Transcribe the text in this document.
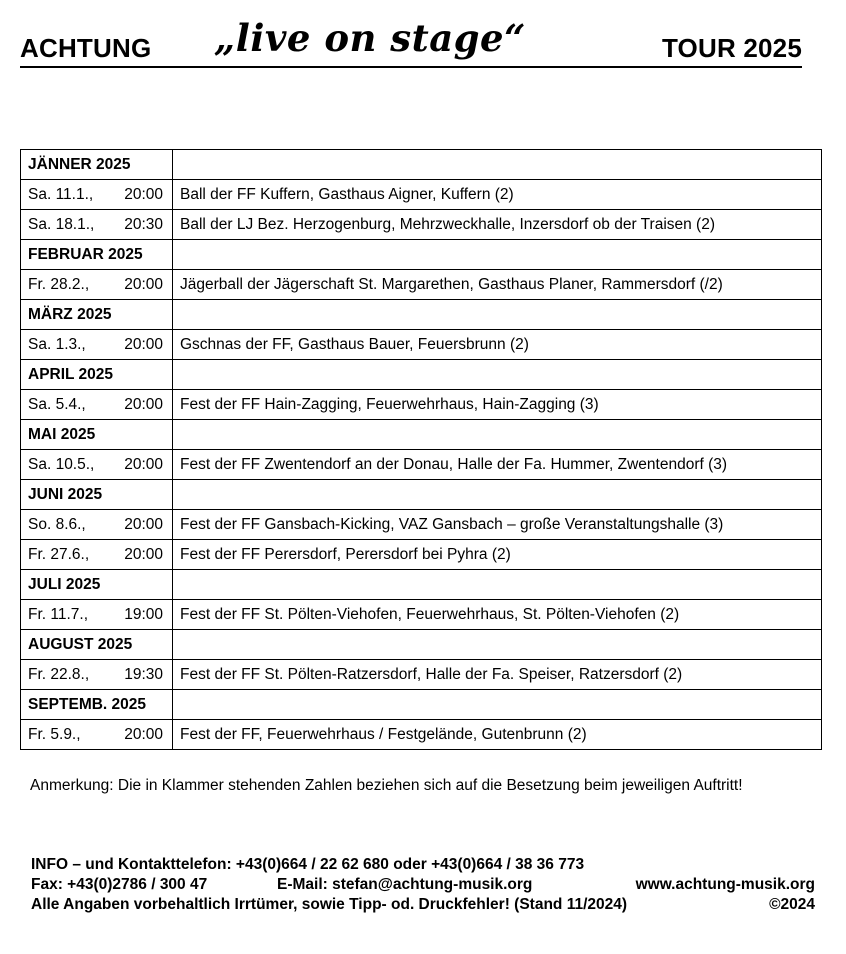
ACHTUNG „live on stage“	TOUR 2025
JÄNNER 2025	

Sa. 11.1., 20:00	Ball der FF Kuffern, Gasthaus Aigner, Kuffern (2)

Sa. 18.1., 20:30	Ball der LJ Bez. Herzogenburg, Mehrzweckhalle, Inzersdorf ob der Traisen (2)
FEBRUAR 2025	

Fr. 28.2., 20:00	Jägerball der Jägerschaft St. Margarethen, Gasthaus Planer, Rammersdorf (/2)
MÄRZ 2025	

Sa. 1.3., 20:00	Gschnas der FF, Gasthaus Bauer, Feuersbrunn (2)
APRIL 2025	

Sa. 5.4., 20:00	Fest der FF Hain-Zagging, Feuerwehrhaus, Hain-Zagging (3)
MAI 2025	

Sa. 10.5., 20:00	Fest der FF Zwentendorf an der Donau, Halle der Fa. Hummer, Zwentendorf (3)
JUNI 2025	

So. 8.6., 20:00	Fest der FF Gansbach-Kicking, VAZ Gansbach – große Veranstaltungshalle (3)

Fr. 27.6., 20:00	Fest der FF Perersdorf, Perersdorf bei Pyhra (2)
JULI 2025	

Fr. 11.7., 19:00	Fest der FF St. Pölten-Viehofen, Feuerwehrhaus, St. Pölten-Viehofen (2)
AUGUST 2025	

Fr. 22.8., 19:30	Fest der FF St. Pölten-Ratzersdorf, Halle der Fa. Speiser, Ratzersdorf (2)
SEPTEMB. 2025	

Fr. 5.9., 20:00	Fest der FF, Feuerwehrhaus / Festgelände, Gutenbrunn (2)
Anmerkung: Die in Klammer stehenden Zahlen beziehen sich auf die Besetzung beim jeweiligen Auftritt!
INFO – und Kontakttelefon: +43(0)664 / 22 62 680 oder +43(0)664 / 38 36 773
Fax: +43(0)2786 / 300 47	E-Mail: stefan@achtung-musik.org	www.achtung-musik.org
Alle Angaben vorbehaltlich Irrtümer, sowie Tipp- od. Druckfehler! (Stand 11/2024)	©2024
